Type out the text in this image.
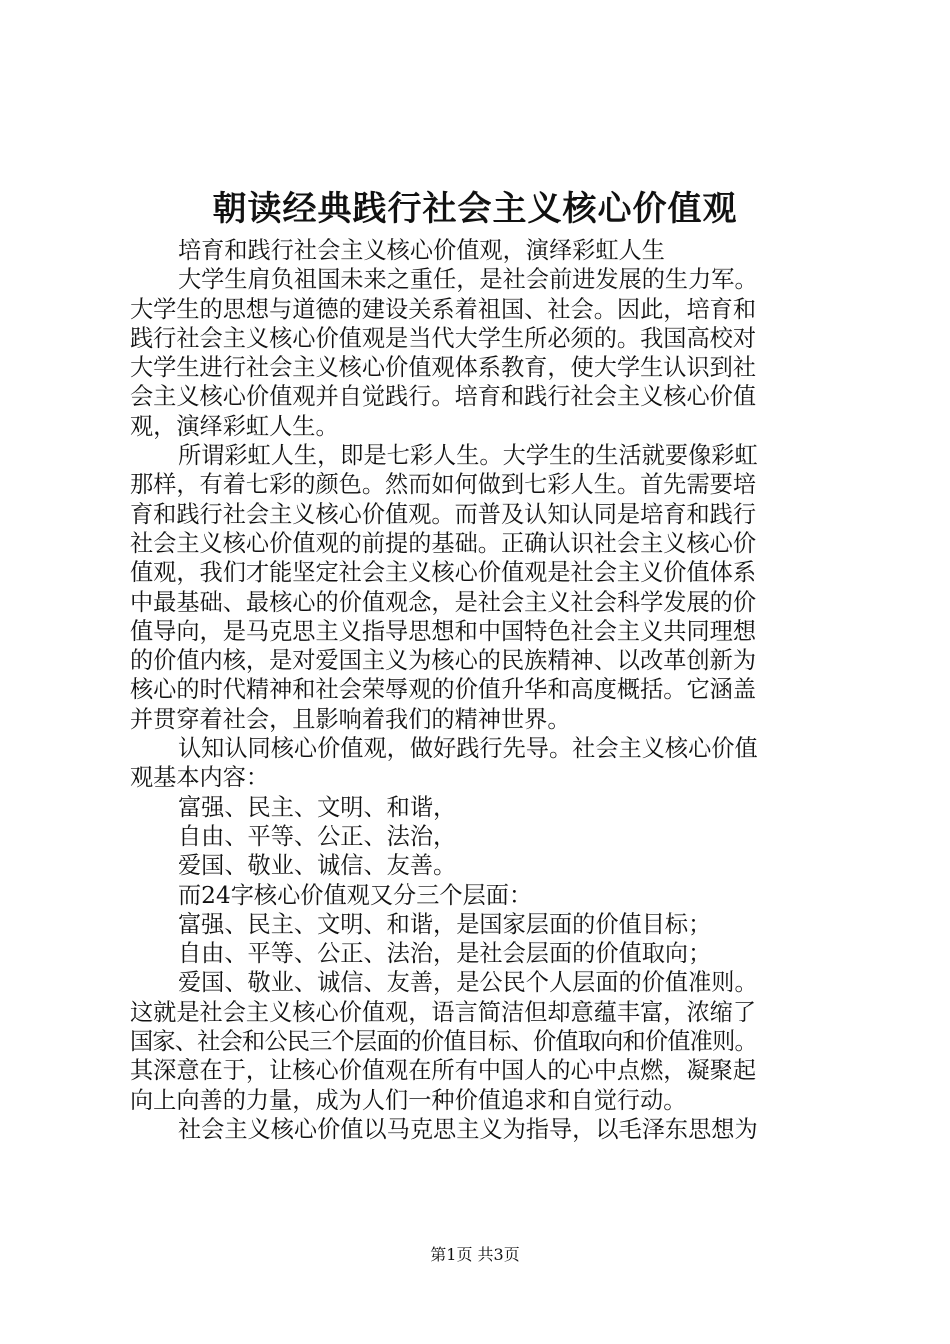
朝读经典践行社会主义核心价值观

培育和践行社会主义核心价值观，演绎彩虹人生

大学生肩负祖国未来之重任，是社会前进发展的生力军。
大学生的思想与道德的建设关系着祖国、社会。因此，培育和
践行社会主义核心价值观是当代大学生所必须的。我国高校对
大学生进行社会主义核心价值观体系教育，使大学生认识到社
会主义核心价值观并自觉践行。培育和践行社会主义核心价值
观，演绎彩虹人生。

所谓彩虹人生，即是七彩人生。大学生的生活就要像彩虹
那样，有着七彩的颜色。然而如何做到七彩人生。首先需要培
育和践行社会主义核心价值观。而普及认知认同是培育和践行
社会主义核心价值观的前提的基础。正确认识社会主义核心价
值观，我们才能坚定社会主义核心价值观是社会主义价值体系
中最基础、最核心的价值观念，是社会主义社会科学发展的价
值导向，是马克思主义指导思想和中国特色社会主义共同理想
的价值内核，是对爱国主义为核心的民族精神、以改革创新为
核心的时代精神和社会荣辱观的价值升华和高度概括。它涵盖
并贯穿着社会，且影响着我们的精神世界。

认知认同核心价值观，做好践行先导。社会主义核心价值
观基本内容：

富强、民主、文明、和谐，

自由、平等、公正、法治，

爱国、敬业、诚信、友善。

而24字核心价值观又分三个层面：

富强、民主、文明、和谐，是国家层面的价值目标；

自由、平等、公正、法治，是社会层面的价值取向；

爱国、敬业、诚信、友善，是公民个人层面的价值准则。
这就是社会主义核心价值观，语言简洁但却意蕴丰富，浓缩了
国家、社会和公民三个层面的价值目标、价值取向和价值准则。
其深意在于，让核心价值观在所有中国人的心中点燃，凝聚起
向上向善的力量，成为人们一种价值追求和自觉行动。

社会主义核心价值以马克思主义为指导，以毛泽东思想为

第1页 共3页
